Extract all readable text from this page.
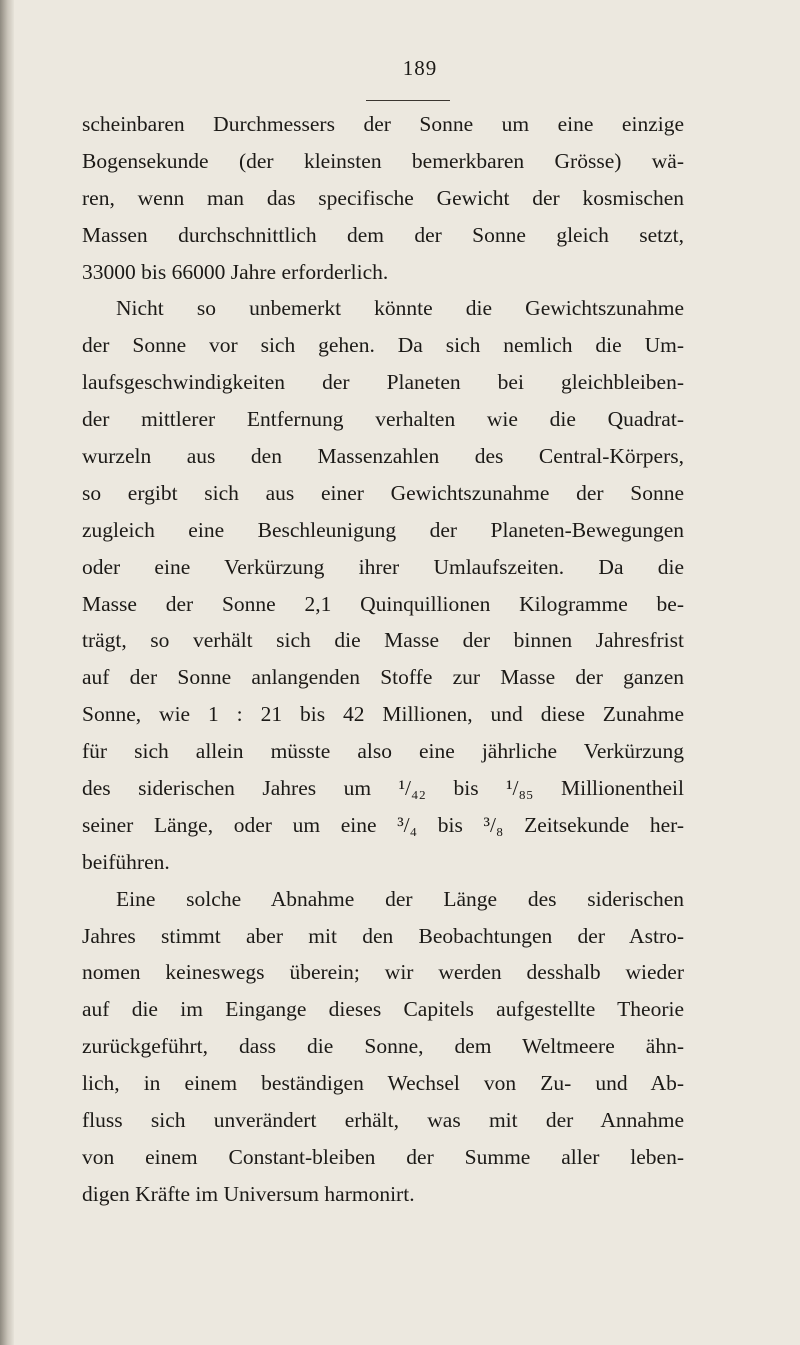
189
scheinbaren Durchmessers der Sonne um eine einzige
Bogensekunde (der kleinsten bemerkbaren Grösse) wä-
ren, wenn man das specifische Gewicht der kosmischen
Massen durchschnittlich dem der Sonne gleich setzt,
33000 bis 66000 Jahre erforderlich.
Nicht so unbemerkt könnte die Gewichtszunahme
der Sonne vor sich gehen. Da sich nemlich die Um-
laufsgeschwindigkeiten der Planeten bei gleichbleiben-
der mittlerer Entfernung verhalten wie die Quadrat-
wurzeln aus den Massenzahlen des Central-Körpers,
so ergibt sich aus einer Gewichtszunahme der Sonne
zugleich eine Beschleunigung der Planeten-Bewegungen
oder eine Verkürzung ihrer Umlaufszeiten. Da die
Masse der Sonne 2,1 Quinquillionen Kilogramme be-
trägt, so verhält sich die Masse der binnen Jahresfrist
auf der Sonne anlangenden Stoffe zur Masse der ganzen
Sonne, wie 1 : 21 bis 42 Millionen, und diese Zunahme
für sich allein müsste also eine jährliche Verkürzung
des siderischen Jahres um ¹/₄₂ bis ¹/₈₅ Millionentheil
seiner Länge, oder um eine ³/₄ bis ³/₈ Zeitsekunde her-
beiführen.
Eine solche Abnahme der Länge des siderischen
Jahres stimmt aber mit den Beobachtungen der Astro-
nomen keineswegs überein; wir werden desshalb wieder
auf die im Eingange dieses Capitels aufgestellte Theorie
zurückgeführt, dass die Sonne, dem Weltmeere ähn-
lich, in einem beständigen Wechsel von Zu- und Ab-
fluss sich unverändert erhält, was mit der Annahme
von einem Constant-bleiben der Summe aller leben-
digen Kräfte im Universum harmonirt.
